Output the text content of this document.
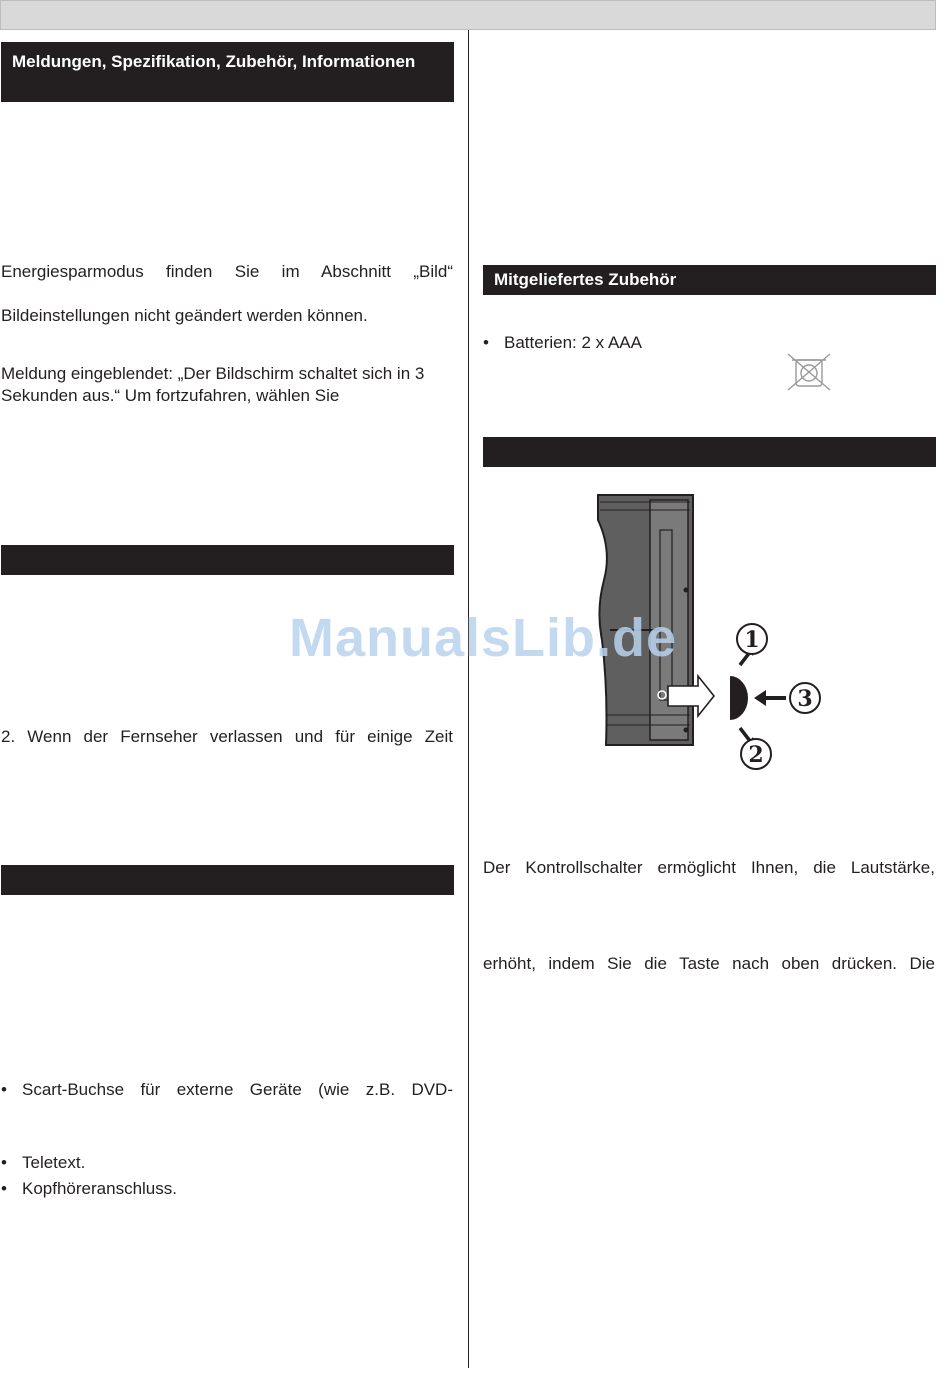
Meldungen, Spezifikation, Zubehör, Informationen

Energiesparmodus finden Sie im Abschnitt „Bild“

Bildeinstellungen nicht geändert werden können.

Meldung eingeblendet: „Der Bildschirm schaltet sich in 3

Sekunden aus.“ Um fortzufahren, wählen Sie

2. Wenn der Fernseher verlassen und für einige Zeit

• Scart-Buchse für externe Geräte (wie z.B. DVD-
• Teletext.
• Kopfhöreranschluss.
Mitgeliefertes Zubehör
• Batterien: 2 x AAA
1
3
2

Der Kontrollschalter ermöglicht Ihnen, die Lautstärke,

erhöht, indem Sie die Taste nach oben drücken. Die

ManualsLib.de
